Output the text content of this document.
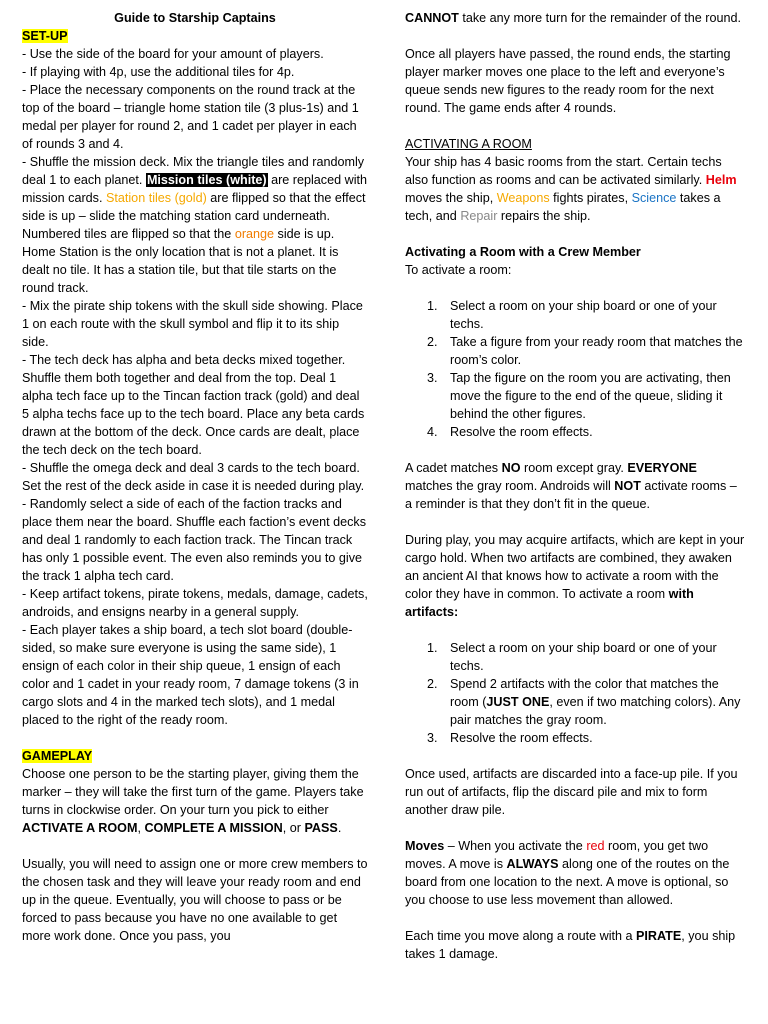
Guide to Starship Captains

SET-UP

- Use the side of the board for your amount of players.

- If playing with 4p, use the additional tiles for 4p.

- Place the necessary components on the round track at the top of the board – triangle home station tile (3 plus-1s) and 1 medal per player for round 2, and 1 cadet per player in each of rounds 3 and 4.

- Shuffle the mission deck. Mix the triangle tiles and randomly deal 1 to each planet. Mission tiles (white) are replaced with mission cards. Station tiles (gold) are flipped so that the effect side is up – slide the matching station card underneath. Numbered tiles are flipped so that the orange side is up. Home Station is the only location that is not a planet. It is dealt no tile. It has a station tile, but that tile starts on the round track.

- Mix the pirate ship tokens with the skull side showing. Place 1 on each route with the skull symbol and flip it to its ship side.

- The tech deck has alpha and beta decks mixed together. Shuffle them both together and deal from the top. Deal 1 alpha tech face up to the Tincan faction track (gold) and deal 5 alpha techs face up to the tech board. Place any beta cards drawn at the bottom of the deck. Once cards are dealt, place the tech deck on the tech board.

- Shuffle the omega deck and deal 3 cards to the tech board. Set the rest of the deck aside in case it is needed during play.

- Randomly select a side of each of the faction tracks and place them near the board. Shuffle each faction’s event decks and deal 1 randomly to each faction track. The Tincan track has only 1 possible event. The even also reminds you to give the track 1 alpha tech card.

- Keep artifact tokens, pirate tokens, medals, damage, cadets, androids, and ensigns nearby in a general supply.

- Each player takes a ship board, a tech slot board (double-sided, so make sure everyone is using the same side), 1 ensign of each color in their ship queue, 1 ensign of each color and 1 cadet in your ready room, 7 damage tokens (3 in cargo slots and 4 in the marked tech slots), and 1 medal placed to the right of the ready room.

GAMEPLAY

Choose one person to be the starting player, giving them the marker – they will take the first turn of the game. Players take turns in clockwise order. On your turn you pick to either ACTIVATE A ROOM, COMPLETE A MISSION, or PASS.

Usually, you will need to assign one or more crew members to the chosen task and they will leave your ready room and end up in the queue. Eventually, you will choose to pass or be forced to pass because you have no one available to get more work done. Once you pass, you

CANNOT take any more turn for the remainder of the round.

Once all players have passed, the round ends, the starting player marker moves one place to the left and everyone’s queue sends new figures to the ready room for the next round. The game ends after 4 rounds.

ACTIVATING A ROOM

Your ship has 4 basic rooms from the start. Certain techs also function as rooms and can be activated similarly. Helm moves the ship, Weapons fights pirates, Science takes a tech, and Repair repairs the ship.

Activating a Room with a Crew Member

To activate a room:

1. Select a room on your ship board or one of your techs.
2. Take a figure from your ready room that matches the room’s color.
3. Tap the figure on the room you are activating, then move the figure to the end of the queue, sliding it behind the other figures.
4. Resolve the room effects.

A cadet matches NO room except gray. EVERYONE matches the gray room. Androids will NOT activate rooms – a reminder is that they don’t fit in the queue.

During play, you may acquire artifacts, which are kept in your cargo hold. When two artifacts are combined, they awaken an ancient AI that knows how to activate a room with the color they have in common. To activate a room with artifacts:

1. Select a room on your ship board or one of your techs.
2. Spend 2 artifacts with the color that matches the room (JUST ONE, even if two matching colors). Any pair matches the gray room.
3. Resolve the room effects.

Once used, artifacts are discarded into a face-up pile. If you run out of artifacts, flip the discard pile and mix to form another draw pile.

Moves – When you activate the red room, you get two moves. A move is ALWAYS along one of the routes on the board from one location to the next. A move is optional, so you choose to use less movement than allowed.

Each time you move along a route with a PIRATE, you ship takes 1 damage.
